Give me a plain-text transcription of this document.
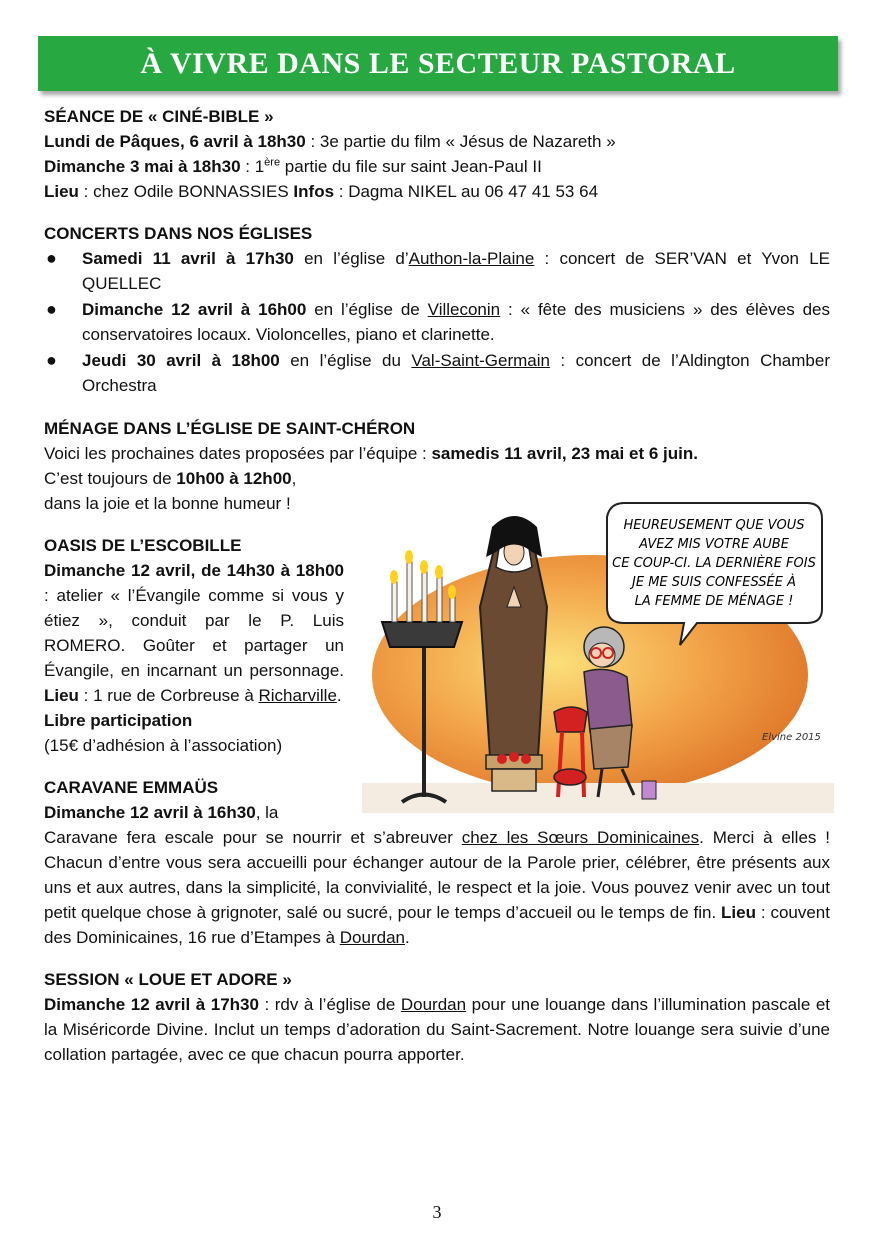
À VIVRE DANS LE SECTEUR PASTORAL

SÉANCE DE « CINÉ-BIBLE »

Lundi de Pâques, 6 avril à 18h30 : 3e partie du film « Jésus de Nazareth »

Dimanche 3 mai à 18h30 : 1ère partie du file sur saint Jean-Paul II

Lieu : chez Odile BONNASSIES Infos : Dagma NIKEL au 06 47 41 53 64

CONCERTS DANS NOS ÉGLISES

● Samedi 11 avril à 17h30 en l’église d’Authon-la-Plaine : concert de SER’VAN et Yvon LE QUELLEC
● Dimanche 12 avril à 16h00 en l’église de Villeconin : « fête des musiciens » des élèves des conservatoires locaux. Violoncelles, piano et clarinette.
● Jeudi 30 avril à 18h00 en l’église du Val-Saint-Germain : concert de l’Aldington Chamber Orchestra

MÉNAGE DANS L’ÉGLISE DE SAINT-CHÉRON

Voici les prochaines dates proposées par l’équipe : samedis 11 avril, 23 mai et 6 juin.

C’est toujours de 10h00 à 12h00,

dans la joie et la bonne humeur !

OASIS DE L’ESCOBILLE

Dimanche 12 avril, de 14h30 à 18h00 : atelier « l’Évangile comme si vous y étiez », conduit par le P. Luis ROMERO. Goûter et partager un Évangile, en incarnant un personnage. Lieu : 1 rue de Corbreuse à Richarville.

Libre participation

(15€ d’adhésion à l’association)

CARAVANE EMMAÜS

Dimanche 12 avril à 16h30, la

Caravane fera escale pour se nourrir et s’abreuver chez les Sœurs Dominicaines. Merci à elles ! Chacun d’entre vous sera accueilli pour échanger autour de la Parole prier, célébrer, être présents aux uns et aux autres, dans la simplicité, la convivialité, le respect et la joie. Vous pouvez venir avec un tout petit quelque chose à grignoter, salé ou sucré, pour le temps d’accueil ou le temps de fin. Lieu : couvent des Dominicaines, 16 rue d’Etampes à Dourdan.

SESSION « LOUE ET ADORE »

Dimanche 12 avril à 17h30 : rdv à l’église de Dourdan pour une louange dans l’illumination pascale et la Miséricorde Divine. Inclut un temps d’adoration du Saint-Sacrement. Notre louange sera suivie d’une collation partagée, avec ce que chacun pourra apporter.

HEUREUSEMENT QUE VOUS
AVEZ MIS VOTRE AUBE
CE COUP-CI. LA DERNIÈRE FOIS
JE ME SUIS CONFESSÉE À
LA FEMME DE MÉNAGE !
Elvine 2015
3
